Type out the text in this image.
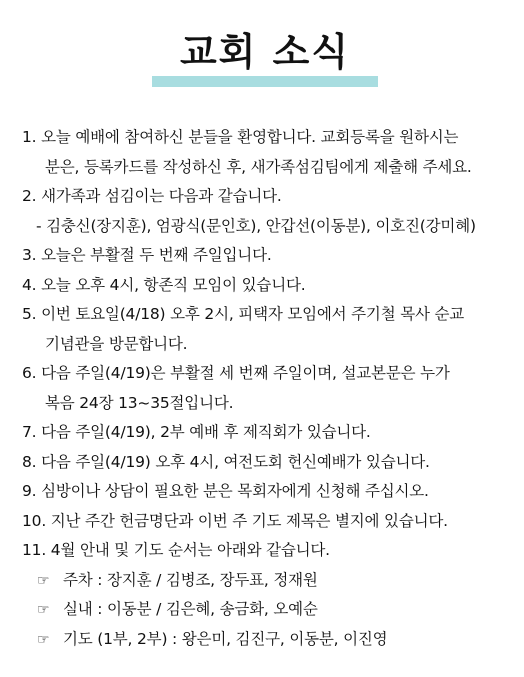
교회 소식
1. 오늘 예배에 참여하신 분들을 환영합니다. 교회등록을 원하시는
분은, 등록카드를 작성하신 후, 새가족섬김팀에게 제출해 주세요.
2. 새가족과 섬김이는 다음과 같습니다.
- 김충신(장지훈), 엄광식(문인호), 안갑선(이동분), 이호진(강미혜)
3. 오늘은 부활절 두 번째 주일입니다.
4. 오늘 오후 4시, 항존직 모임이 있습니다.
5. 이번 토요일(4/18) 오후 2시, 피택자 모임에서 주기철 목사 순교
기념관을 방문합니다.
6. 다음 주일(4/19)은 부활절 세 번째 주일이며, 설교본문은 누가
복음 24장 13~35절입니다.
7. 다음 주일(4/19), 2부 예배 후 제직회가 있습니다.
8. 다음 주일(4/19) 오후 4시, 여전도회 헌신예배가 있습니다.
9. 심방이나 상담이 필요한 분은 목회자에게 신청해 주십시오.
10. 지난 주간 헌금명단과 이번 주 기도 제목은 별지에 있습니다.
11. 4월 안내 및 기도 순서는 아래와 같습니다.
☞ 주차 : 장지훈 / 김병조, 장두표, 정재원
☞ 실내 : 이동분 / 김은혜, 송금화, 오예순
☞ 기도 (1부, 2부) : 왕은미, 김진구, 이동분, 이진영
